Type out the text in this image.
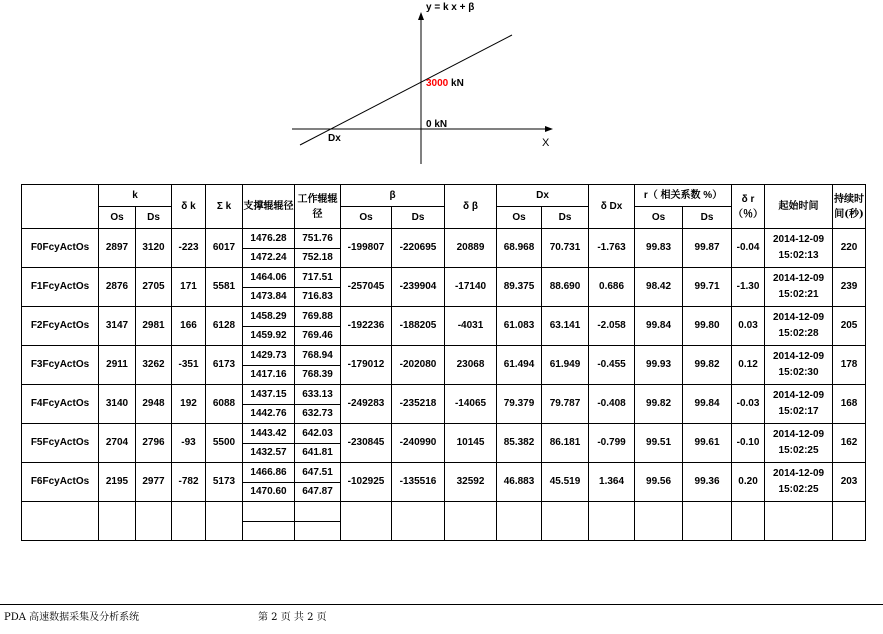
y = k x + β
3000 kN
0 kN
Dx	X
	k		δ k	Σ k	支撑辊辊径	工作辊辊径	β		δ β	Dx		δ Dx	r（ 相关系数 %）		δ r（％）	起始时间	持续时间(秒)
	Os	Ds					Os	Ds		Os	Ds		Os	Ds			
F0FcyActOs	2897	3120	-223	6017	1476.28	751.76	-199807	-220695	20889	68.968	70.731	-1.763	99.83	99.87	-0.04	2014-12-09
15:02:13	220
					1472.24	752.18											
F1FcyActOs	2876	2705	171	5581	1464.06	717.51	-257045	-239904	-17140	89.375	88.690	0.686	98.42	99.71	-1.30	2014-12-09
15:02:21	239
					1473.84	716.83											
F2FcyActOs	3147	2981	166	6128	1458.29	769.88	-192236	-188205	-4031	61.083	63.141	-2.058	99.84	99.80	0.03	2014-12-09
15:02:28	205
					1459.92	769.46											
F3FcyActOs	2911	3262	-351	6173	1429.73	768.94	-179012	-202080	23068	61.494	61.949	-0.455	99.93	99.82	0.12	2014-12-09
15:02:30	178
					1417.16	768.39											
F4FcyActOs	3140	2948	192	6088	1437.15	633.13	-249283	-235218	-14065	79.379	79.787	-0.408	99.82	99.84	-0.03	2014-12-09
15:02:17	168
					1442.76	632.73											
F5FcyActOs	2704	2796	-93	5500	1443.42	642.03	-230845	-240990	10145	85.382	86.181	-0.799	99.51	99.61	-0.10	2014-12-09
15:02:25	162
					1432.57	641.81											
F6FcyActOs	2195	2977	-782	5173	1466.86	647.51	-102925	-135516	32592	46.883	45.519	1.364	99.56	99.36	0.20	2014-12-09
15:02:25	203
					1470.60	647.87											

PDA 高速数据采集及分析系统	第 2 页 共 2 页
